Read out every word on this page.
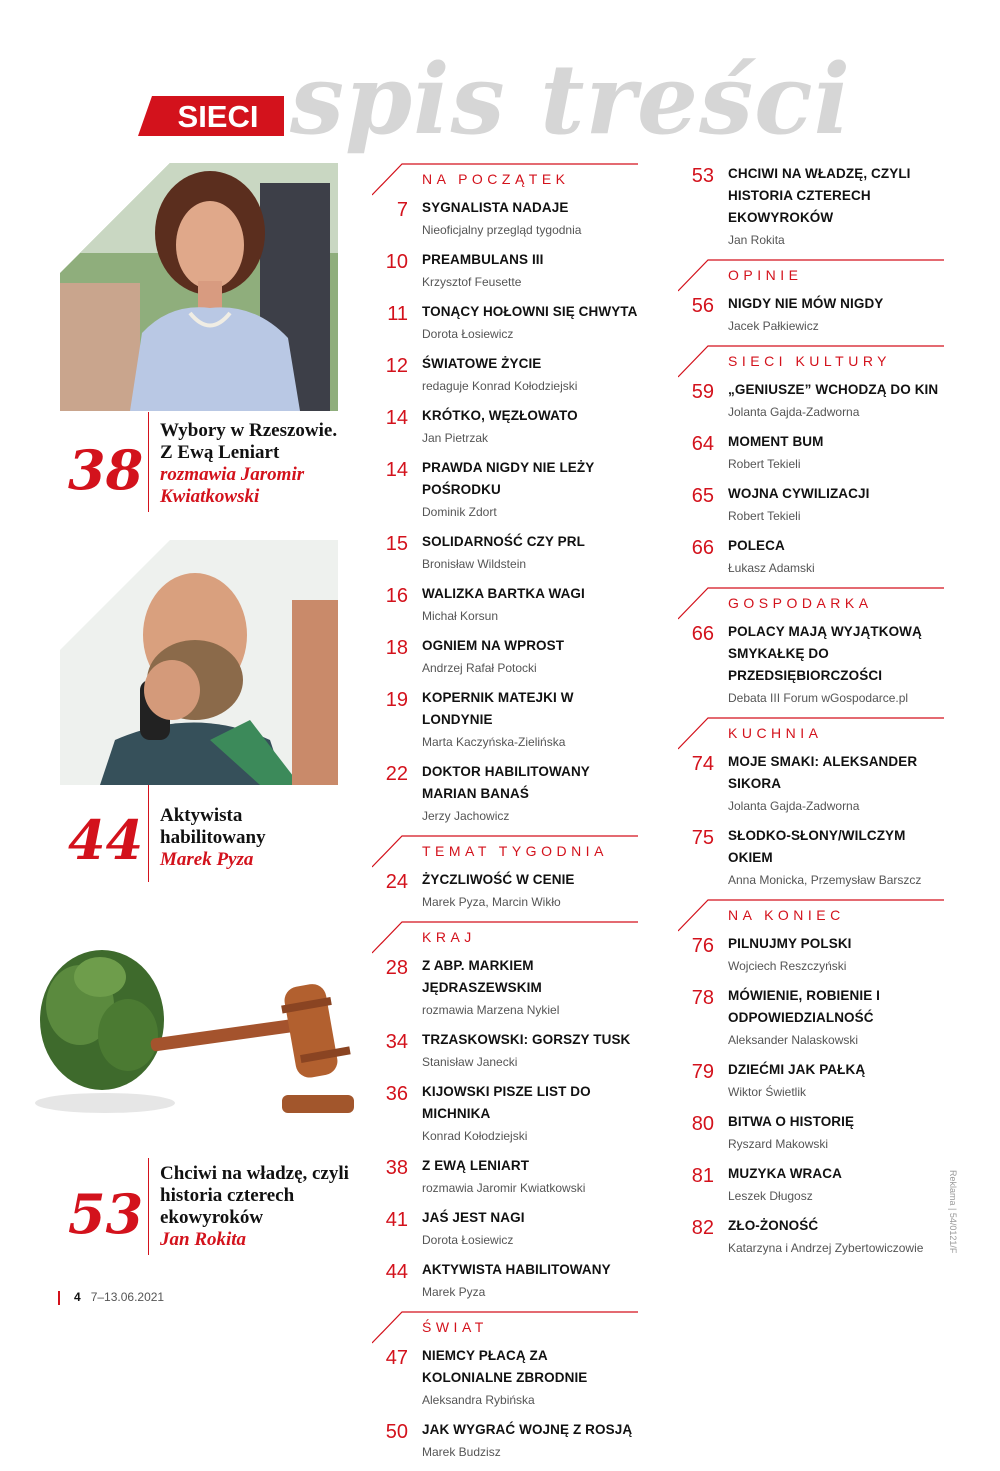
SIECI spis treści
38
Wybory w Rzeszowie. Z Ewą Leniart
rozmawia Jaromir Kwiatkowski
44 Aktywista habilitowany
Marek Pyza
53
Chciwi na władzę, czyli historia czterech ekowyroków
Jan Rokita
NA POCZĄTEK
7 SYGNALISTA NADAJE
Nieoficjalny przegląd tygodnia
10 PREAMBULANS III
Krzysztof Feusette
11 TONĄCY HOŁOWNI SIĘ CHWYTA
Dorota Łosiewicz
12 ŚWIATOWE ŻYCIE
redaguje Konrad Kołodziejski
14 KRÓTKO, WĘZŁOWATO
Jan Pietrzak
14 PRAWDA NIGDY NIE LEŻY POŚRODKU
Dominik Zdort
15 SOLIDARNOŚĆ CZY PRL
Bronisław Wildstein
16 WALIZKA BARTKA WAGI
Michał Korsun
18 OGNIEM NA WPROST
Andrzej Rafał Potocki
19 KOPERNIK MATEJKI W LONDYNIE
Marta Kaczyńska-Zielińska
22 DOKTOR HABILITOWANY MARIAN BANAŚ
Jerzy Jachowicz
TEMAT TYGODNIA
24 ŻYCZLIWOŚĆ W CENIE
Marek Pyza, Marcin Wikło
KRAJ
28 Z ABP. MARKIEM JĘDRASZEWSKIM
rozmawia Marzena Nykiel
34 TRZASKOWSKI: GORSZY TUSK
Stanisław Janecki
36 KIJOWSKI PISZE LIST DO MICHNIKA
Konrad Kołodziejski
38 Z EWĄ LENIART
rozmawia Jaromir Kwiatkowski
41 JAŚ JEST NAGI
Dorota Łosiewicz
44 AKTYWISTA HABILITOWANY
Marek Pyza
ŚWIAT
47 NIEMCY PŁACĄ ZA KOLONIALNE ZBRODNIE
Aleksandra Rybińska
50 JAK WYGRAĆ WOJNĘ Z ROSJĄ
Marek Budzisz
53 CHCIWI NA WŁADZĘ, CZYLI HISTORIA CZTERECH EKOWYROKÓW
Jan Rokita
OPINIE
56 NIGDY NIE MÓW NIGDY
Jacek Pałkiewicz
SIECI KULTURY
59 „GENIUSZE” WCHODZĄ DO KIN
Jolanta Gajda-Zadworna
64 MOMENT BUM
Robert Tekieli
65 WOJNA CYWILIZACJI
Robert Tekieli
66 POLECA
Łukasz Adamski
GOSPODARKA
66 POLACY MAJĄ WYJĄTKOWĄ SMYKAŁKĘ DO PRZEDSIĘBIORCZOŚCI
Debata III Forum wGospodarce.pl
KUCHNIA
74 MOJE SMAKI: ALEKSANDER SIKORA
Jolanta Gajda-Zadworna
75 SŁODKO-SŁONY/WILCZYM OKIEM
Anna Monicka, Przemysław Barszcz
NA KONIEC
76 PILNUJMY POLSKI
Wojciech Reszczyński
78 MÓWIENIE, ROBIENIE I ODPOWIEDZIALNOŚĆ
Aleksander Nalaskowski
79 DZIEĆMI JAK PAŁKĄ
Wiktor Świetlik
80 BITWA O HISTORIĘ
Ryszard Makowski
81 MUZYKA WRACA
Leszek Długosz
82 ZŁO-ŻONOŚĆ
Katarzyna i Andrzej Zybertowiczowie
4 7–13.06.2021
Reklama | 54/0121/F
